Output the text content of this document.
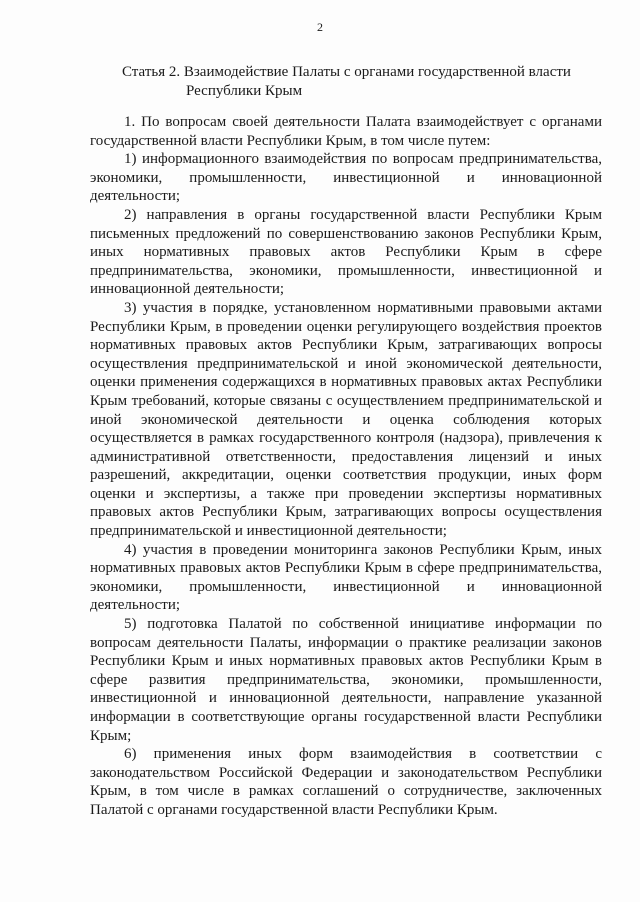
2
Статья 2. Взаимодействие Палаты с органами государственной власти
Республики Крым

1. По вопросам своей деятельности Палата взаимодействует с органами государственной власти Республики Крым, в том числе путем:

1) информационного взаимодействия по вопросам предпринимательства, экономики, промышленности, инвестиционной и инновационной деятельности;

2) направления в органы государственной власти Республики Крым письменных предложений по совершенствованию законов Республики Крым, иных нормативных правовых актов Республики Крым в сфере предпринимательства, экономики, промышленности, инвестиционной и инновационной деятельности;

3) участия в порядке, установленном нормативными правовыми актами Республики Крым, в проведении оценки регулирующего воздействия проектов нормативных правовых актов Республики Крым, затрагивающих вопросы осуществления предпринимательской и иной экономической деятельности, оценки применения содержащихся в нормативных правовых актах Республики Крым требований, которые связаны с осуществлением предпринимательской и иной экономической деятельности и оценка соблюдения которых осуществляется в рамках государственного контроля (надзора), привлечения к административной ответственности, предоставления лицензий и иных разрешений, аккредитации, оценки соответствия продукции, иных форм оценки и экспертизы, а также при проведении экспертизы нормативных правовых актов Республики Крым, затрагивающих вопросы осуществления предпринимательской и инвестиционной деятельности;

4) участия в проведении мониторинга законов Республики Крым, иных нормативных правовых актов Республики Крым в сфере предпринимательства, экономики, промышленности, инвестиционной и инновационной деятельности;

5) подготовка Палатой по собственной инициативе информации по вопросам деятельности Палаты, информации о практике реализации законов Республики Крым и иных нормативных правовых актов Республики Крым в сфере развития предпринимательства, экономики, промышленности, инвестиционной и инновационной деятельности, направление указанной информации в соответствующие органы государственной власти Республики Крым;

6) применения иных форм взаимодействия в соответствии с законодательством Российской Федерации и законодательством Республики Крым, в том числе в рамках соглашений о сотрудничестве, заключенных Палатой с органами государственной власти Республики Крым.
